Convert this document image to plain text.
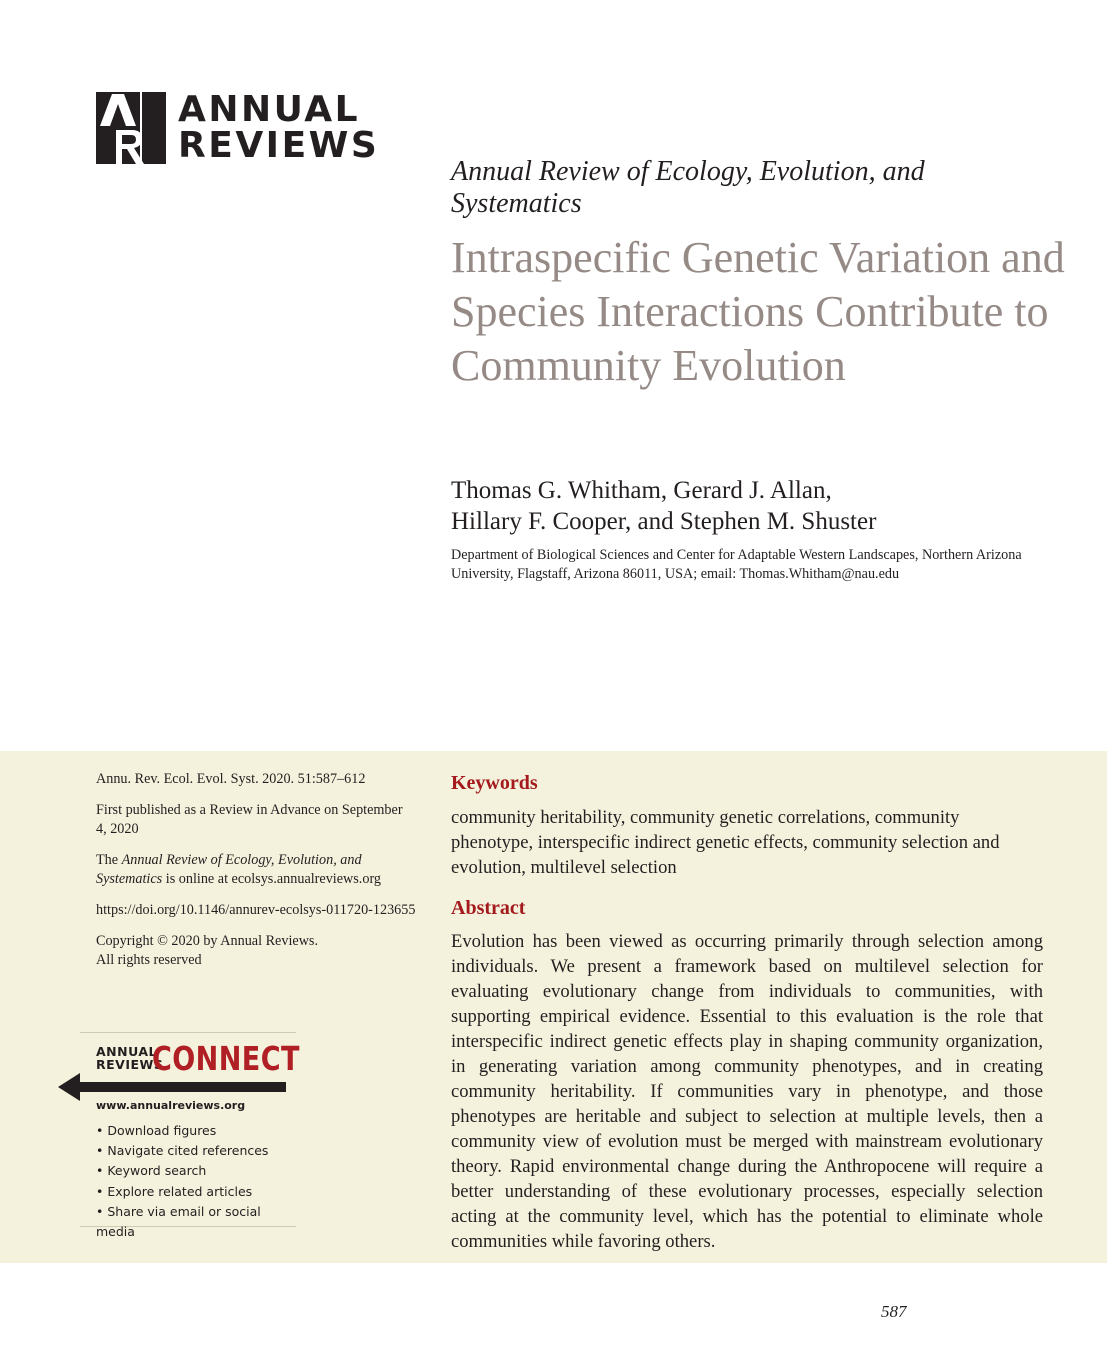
ANNUAL
REVIEWS
Annual Review of Ecology, Evolution, and Systematics
Intraspecific Genetic Variation and Species Interactions Contribute to Community Evolution
Thomas G. Whitham, Gerard J. Allan,
Hillary F. Cooper, and Stephen M. Shuster
Department of Biological Sciences and Center for Adaptable Western Landscapes, Northern Arizona University, Flagstaff, Arizona 86011, USA; email: Thomas.Whitham@nau.edu

Annu. Rev. Ecol. Evol. Syst. 2020. 51:587–612

First published as a Review in Advance on September 4, 2020

The Annual Review of Ecology, Evolution, and Systematics is online at ecolsys.annualreviews.org

https://doi.org/10.1146/annurev-ecolsys-011720-123655

Copyright © 2020 by Annual Reviews.
All rights reserved

ANNUAL
REVIEWS
CONNECT
www.annualreviews.org
• Download figures
• Navigate cited references
• Keyword search
• Explore related articles
• Share via email or social media
Keywords
community heritability, community genetic correlations, community phenotype, interspecific indirect genetic effects, community selection and evolution, multilevel selection
Abstract
Evolution has been viewed as occurring primarily through selection among individuals. We present a framework based on multilevel selection for evaluating evolutionary change from individuals to communities, with supporting empirical evidence. Essential to this evaluation is the role that interspecific indirect genetic effects play in shaping community organization, in generating variation among community phenotypes, and in creating community heritability. If communities vary in phenotype, and those phenotypes are heritable and subject to selection at multiple levels, then a community view of evolution must be merged with mainstream evolutionary theory. Rapid environmental change during the Anthropocene will require a better understanding of these evolutionary processes, especially selection acting at the community level, which has the potential to eliminate whole communities while favoring others.
587
